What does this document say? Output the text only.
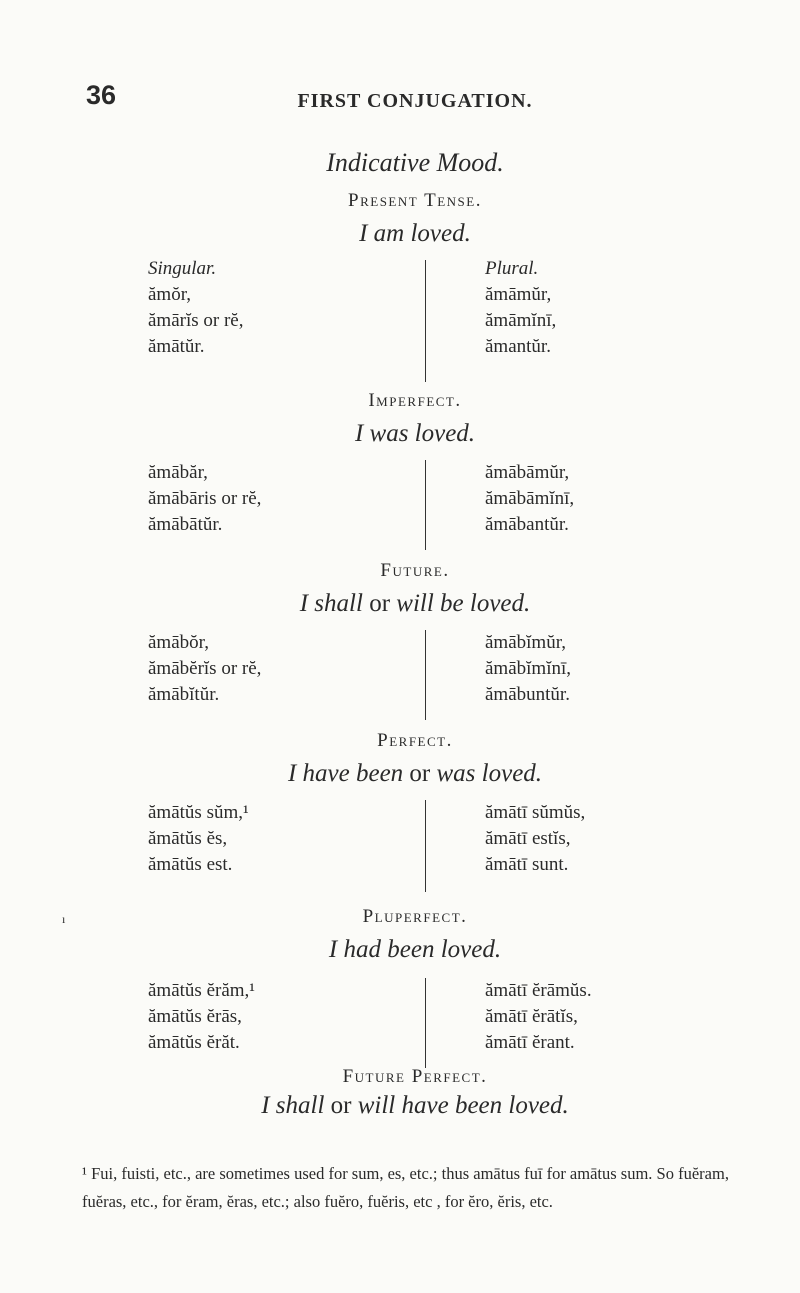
36	FIRST CONJUGATION.
Indicative Mood.
Present Tense.
I am loved.
Singular.	Plural.
ămŏr,
ămārĭs or rĕ,
ămātŭr.
ămāmŭr,
ămāmĭnī,
ămantŭr.
Imperfect.
I was loved.
ămābăr,
ămābāris or rĕ,
ămābātŭr.
ămābāmŭr,
ămābāmĭnī,
ămābantŭr.
Future.
I shall or will be loved.
ămābŏr,
ămābĕrĭs or rĕ,
ămābĭtŭr.
ămābĭmŭr,
ămābĭmĭnī,
ămābuntŭr.
Perfect.
I have been or was loved.
ămātŭs sŭm,¹
ămātŭs ĕs,
ămātŭs est.
ămātī sŭmŭs,
ămātī estĭs,
ămātī sunt.
Pluperfect.
I had been loved.
ı
ămātŭs ĕrăm,¹
ămātŭs ĕrās,
ămātŭs ĕrăt.
ămātī ĕrāmŭs.
ămātī ĕrātĭs,
ămātī ĕrant.
Future Perfect.
I shall or will have been loved.
¹ Fui, fuisti, etc., are sometimes used for sum, es, etc.; thus amātus fuī for amātus sum. So fuĕram, fuĕras, etc., for ĕram, ĕras, etc.; also fuĕro, fuĕris, etc , for ĕro, ĕris, etc.
